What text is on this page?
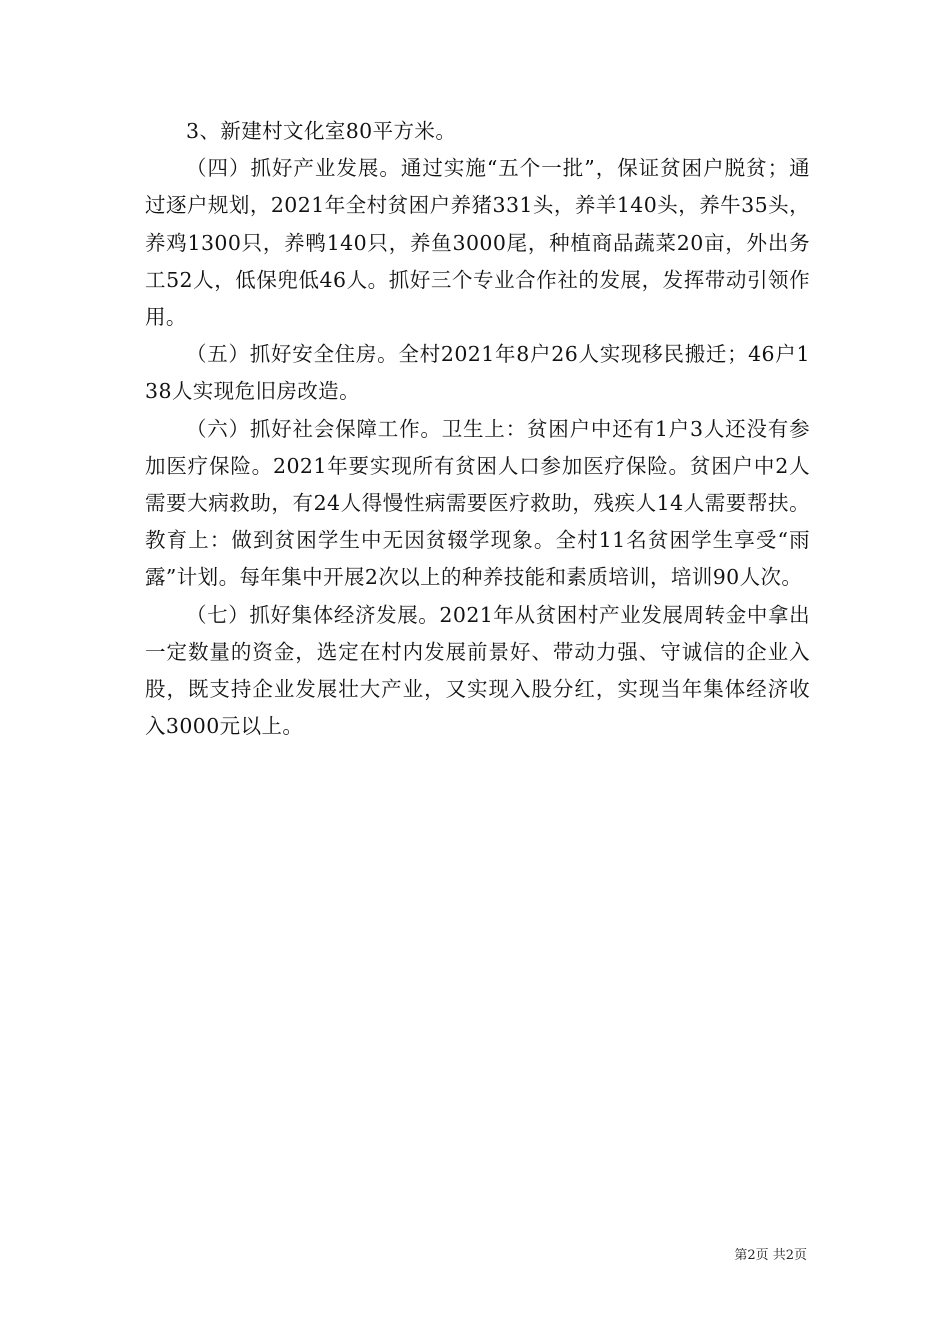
3、新建村文化室80平方米。

（四）抓好产业发展。通过实施“五个一批”，保证贫困户脱贫；通过逐户规划，2021年全村贫困户养猪331头，养羊140头，养牛35头，养鸡1300只，养鸭140只，养鱼3000尾，种植商品蔬菜20亩，外出务工52人，低保兜低46人。抓好三个专业合作社的发展，发挥带动引领作用。

（五）抓好安全住房。全村2021年8户26人实现移民搬迁；46户138人实现危旧房改造。

（六）抓好社会保障工作。卫生上：贫困户中还有1户3人还没有参加医疗保险。2021年要实现所有贫困人口参加医疗保险。贫困户中2人需要大病救助，有24人得慢性病需要医疗救助，残疾人14人需要帮扶。教育上：做到贫困学生中无因贫辍学现象。全村11名贫困学生享受“雨露”计划。每年集中开展2次以上的种养技能和素质培训，培训90人次。

（七）抓好集体经济发展。2021年从贫困村产业发展周转金中拿出一定数量的资金，选定在村内发展前景好、带动力强、守诚信的企业入股，既支持企业发展壮大产业，又实现入股分红，实现当年集体经济收入3000元以上。

第2页 共2页
